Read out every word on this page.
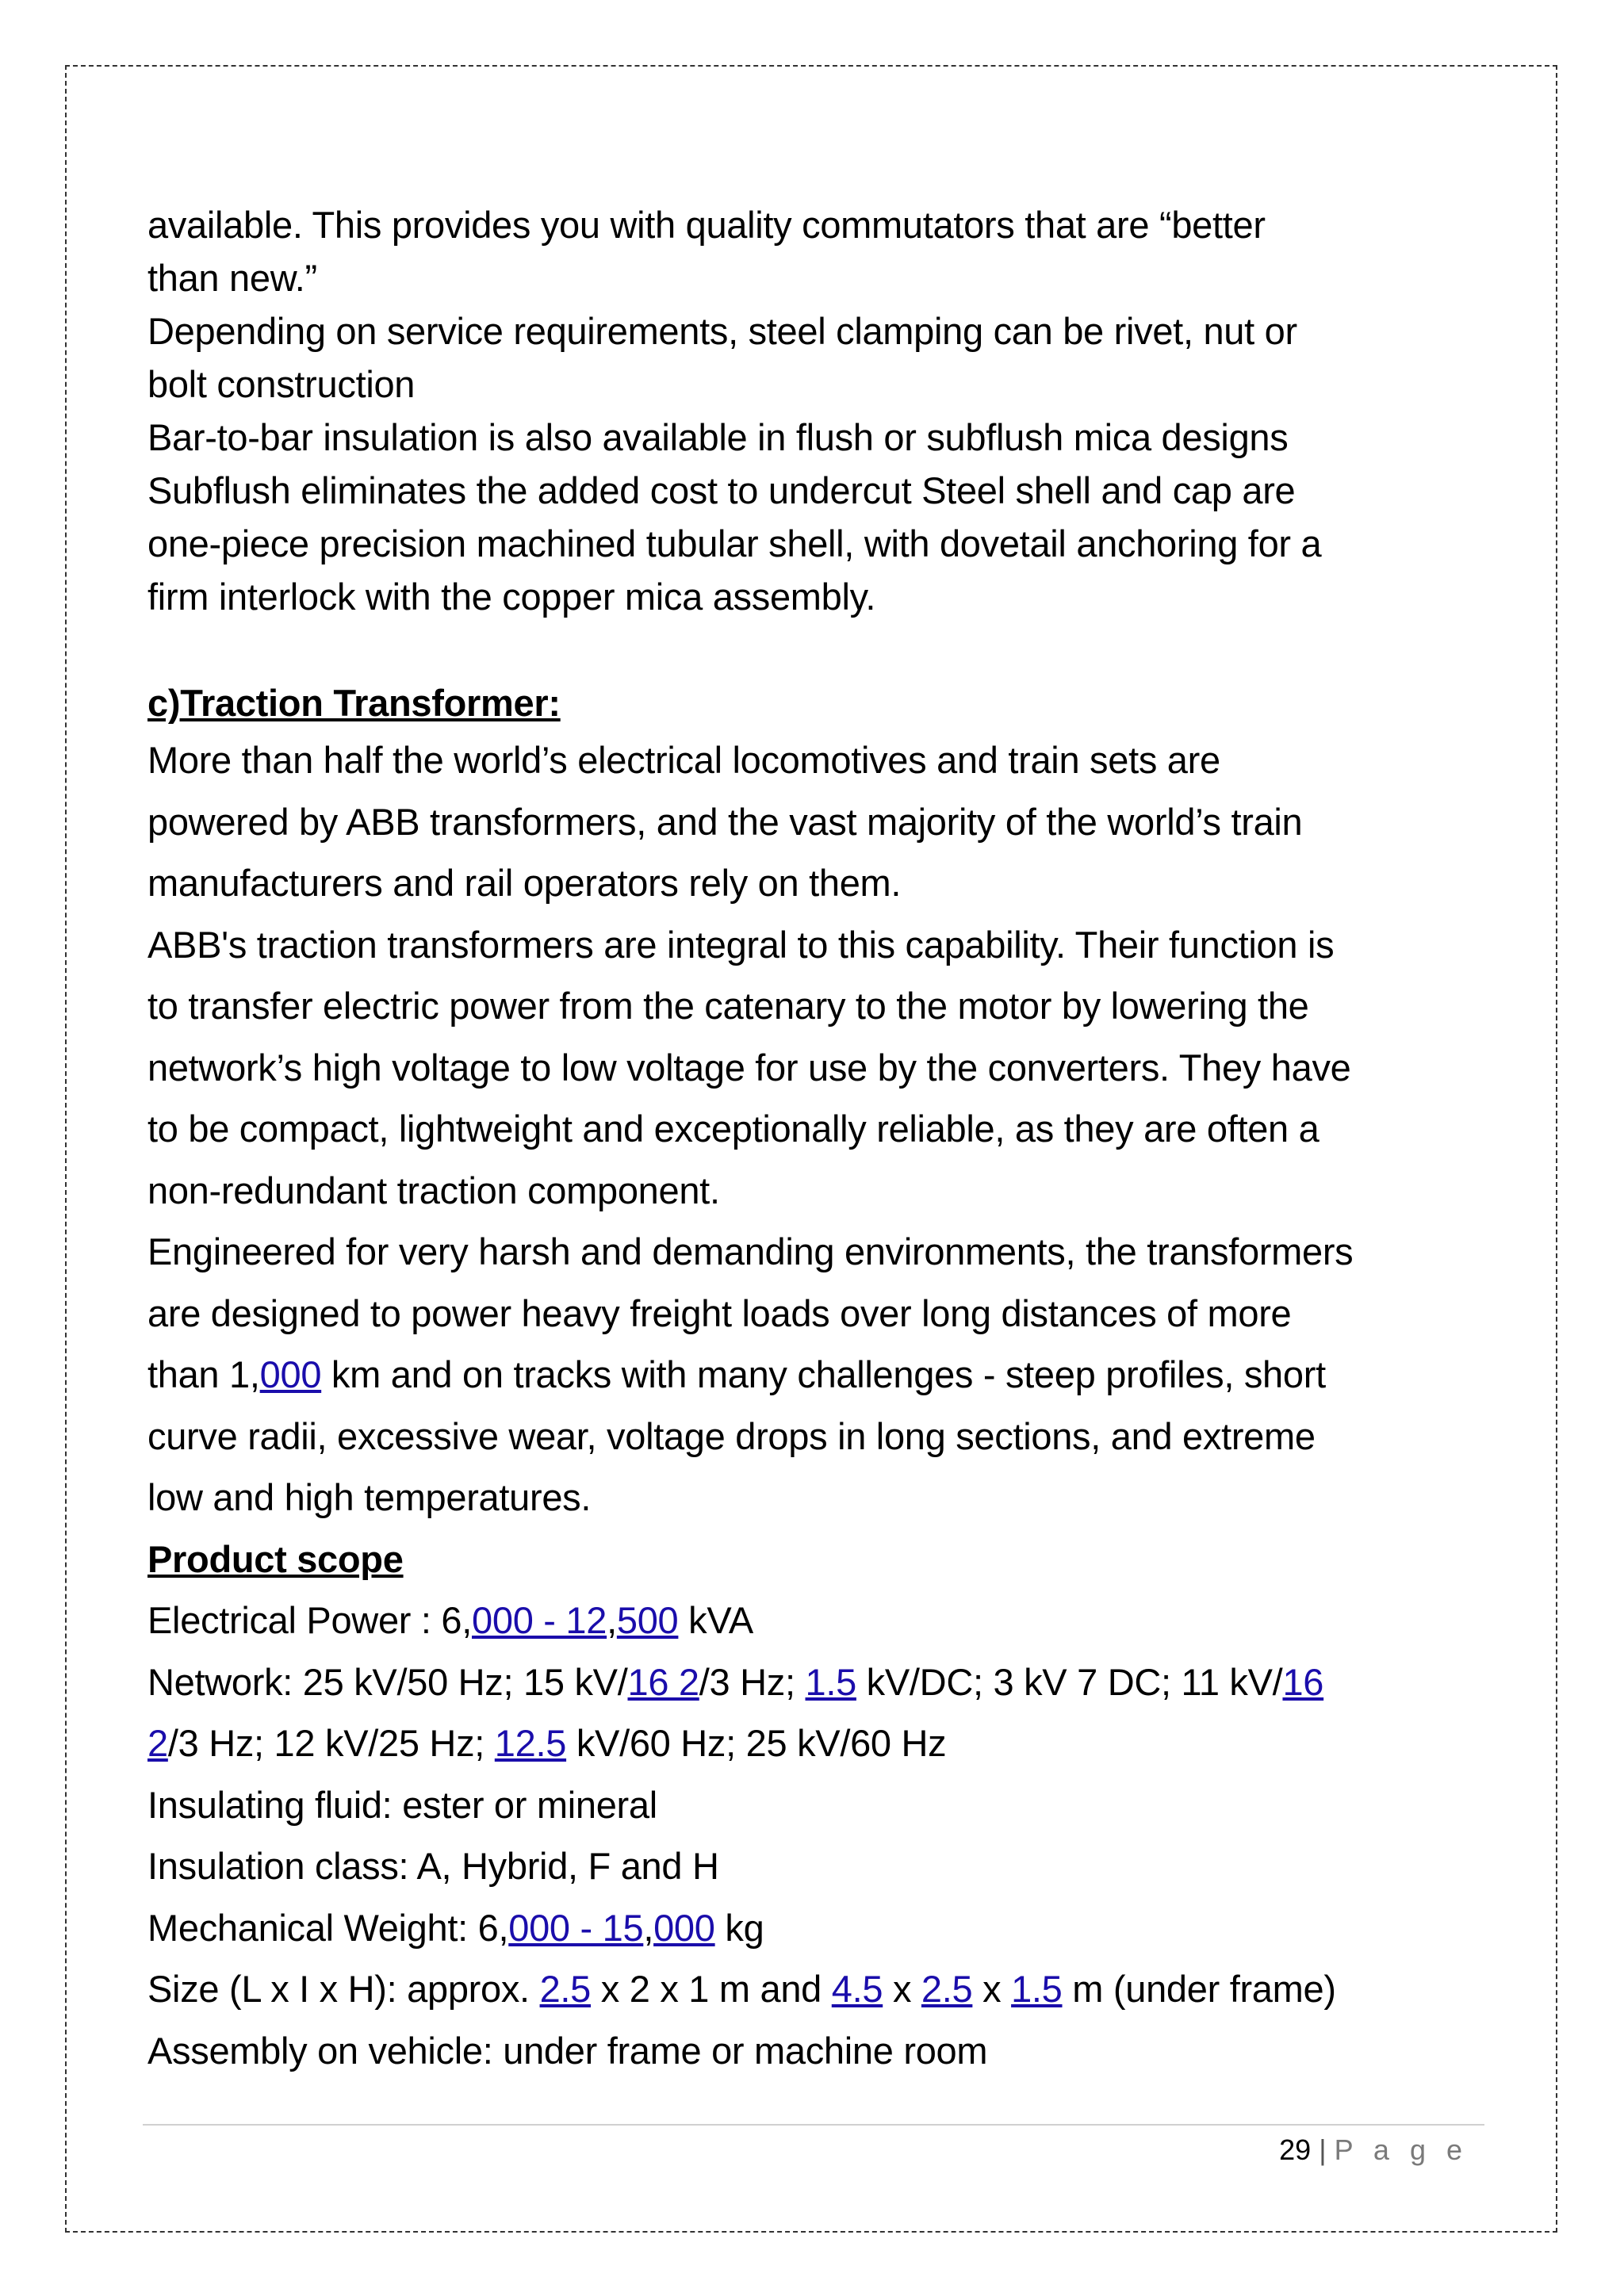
available. This provides you with quality commutators that are “better

than new.”

Depending on service requirements, steel clamping can be rivet, nut or

bolt construction

Bar-to-bar insulation is also available in flush or subflush mica designs

Subflush eliminates the added cost to undercut Steel shell and cap are

one-piece precision machined tubular shell, with dovetail anchoring for a

firm interlock with the copper mica assembly.

c)Traction Transformer:

More than half the world’s electrical locomotives and train sets are

powered by ABB transformers, and the vast majority of the world’s train

manufacturers and rail operators rely on them.

ABB's traction transformers are integral to this capability. Their function is

to transfer electric power from the catenary to the motor by lowering the

network’s high voltage to low voltage for use by the converters. They have

to be compact, lightweight and exceptionally reliable, as they are often a

non-redundant traction component.

Engineered for very harsh and demanding environments, the transformers

are designed to power heavy freight loads over long distances of more

than 1,000 km and on tracks with many challenges - steep profiles, short

curve radii, excessive wear, voltage drops in long sections, and extreme

low and high temperatures.

Product scope

Electrical Power : 6,000 - 12,500 kVA

Network: 25 kV/50 Hz; 15 kV/16 2/3 Hz; 1.5 kV/DC; 3 kV 7 DC; 11 kV/16

2/3 Hz; 12 kV/25 Hz; 12.5 kV/60 Hz; 25 kV/60 Hz

Insulating fluid: ester or mineral

Insulation class: A, Hybrid, F and H

Mechanical Weight: 6,000 - 15,000 kg

Size (L x I x H): approx. 2.5 x 2 x 1 m and 4.5 x 2.5 x 1.5 m (under frame)

Assembly on vehicle: under frame or machine room

29 | P a g e
